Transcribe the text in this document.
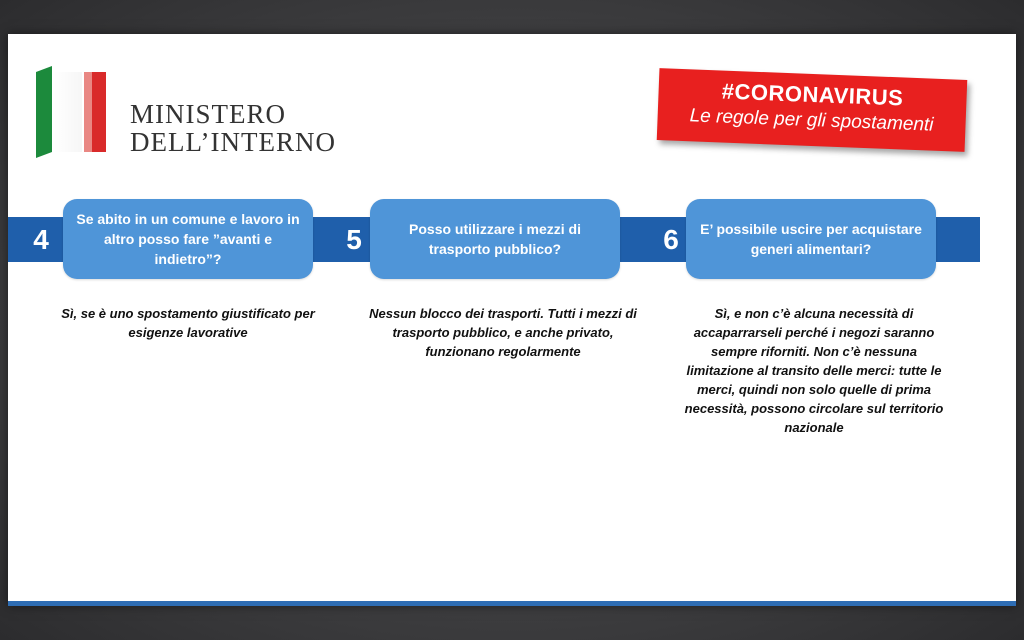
MINISTERO
DELL’INTERNO
#CORONAVIRUS
Le regole per gli spostamenti
4
Se abito in un comune e lavoro in altro posso fare ”avanti e indietro”?
Sì, se è uno spostamento giustificato per esigenze lavorative
5	Posso utilizzare i mezzi di trasporto pubblico?
Nessun blocco dei trasporti. Tutti i mezzi di trasporto pubblico, e anche privato, funzionano regolarmente
6	E’ possibile uscire per acquistare generi alimentari?
Sì, e non c’è alcuna necessità di accaparrarseli perché i negozi saranno sempre riforniti. Non c’è nessuna limitazione al transito delle merci: tutte le merci, quindi non solo quelle di prima necessità, possono circolare sul territorio nazionale
